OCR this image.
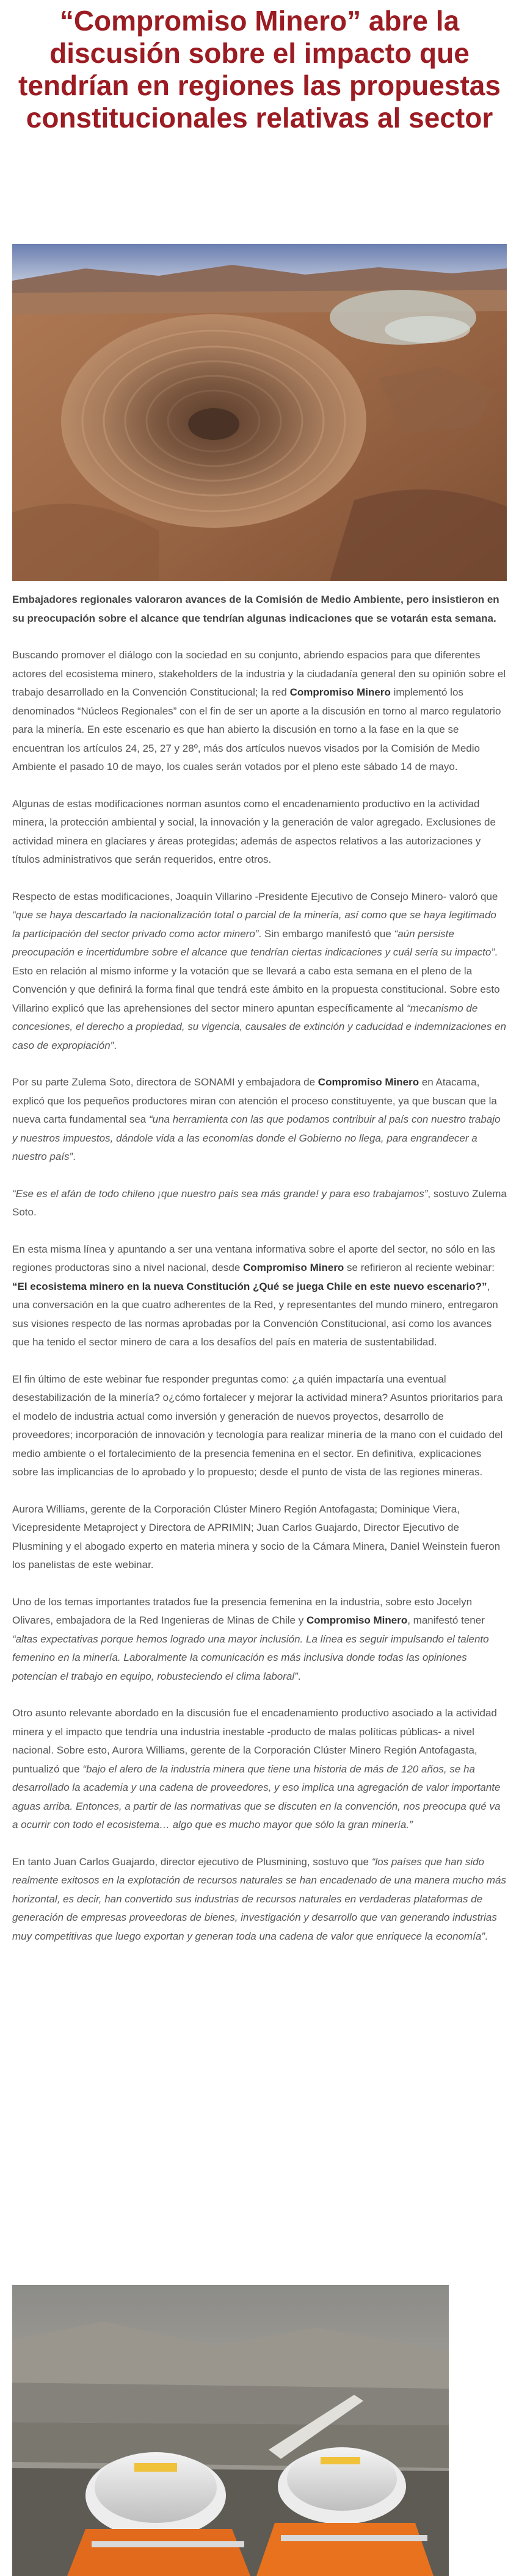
“Compromiso Minero” abre la discusión sobre el impacto que tendrían en regiones las propuestas constitucionales relativas al sector

Embajadores regionales valoraron avances de la Comisión de Medio Ambiente, pero insistieron en su preocupación sobre el alcance que tendrían algunas indicaciones que se votarán esta semana.

Buscando promover el diálogo con la sociedad en su conjunto, abriendo espacios para que diferentes actores del ecosistema minero, stakeholders de la industria y la ciudadanía general den su opinión sobre el trabajo desarrollado en la Convención Constitucional; la red Compromiso Minero implementó los denominados “Núcleos Regionales” con el fin de ser un aporte a la discusión en torno al marco regulatorio para la minería. En este escenario es que han abierto la discusión en torno a la fase en la que se encuentran los artículos 24, 25, 27 y 28º, más dos artículos nuevos visados por la Comisión de Medio Ambiente el pasado 10 de mayo, los cuales serán votados por el pleno este sábado 14 de mayo.

Algunas de estas modificaciones norman asuntos como el encadenamiento productivo en la actividad minera, la protección ambiental y social, la innovación y la generación de valor agregado. Exclusiones de actividad minera en glaciares y áreas protegidas; además de aspectos relativos a las autorizaciones y títulos administrativos que serán requeridos, entre otros.

Respecto de estas modificaciones, Joaquín Villarino -Presidente Ejecutivo de Consejo Minero- valoró que “que se haya descartado la nacionalización total o parcial de la minería, así como que se haya legitimado la participación del sector privado como actor minero”. Sin embargo manifestó que “aún persiste preocupación e incertidumbre sobre el alcance que tendrían ciertas indicaciones y cuál sería su impacto”. Esto en relación al mismo informe y la votación que se llevará a cabo esta semana en el pleno de la Convención y que definirá la forma final que tendrá este ámbito en la propuesta constitucional. Sobre esto Villarino explicó que las aprehensiones del sector minero apuntan específicamente al “mecanismo de concesiones, el derecho a propiedad, su vigencia, causales de extinción y caducidad e indemnizaciones en caso de expropiación”.

Por su parte Zulema Soto, directora de SONAMI y embajadora de Compromiso Minero en Atacama, explicó que los pequeños productores miran con atención el proceso constituyente, ya que buscan que la nueva carta fundamental sea “una herramienta con las que podamos contribuir al país con nuestro trabajo y nuestros impuestos, dándole vida a las economías donde el Gobierno no llega, para engrandecer a nuestro país”.

“Ese es el afán de todo chileno ¡que nuestro país sea más grande! y para eso trabajamos”, sostuvo Zulema Soto.

En esta misma línea y apuntando a ser una ventana informativa sobre el aporte del sector, no sólo en las regiones productoras sino a nivel nacional, desde Compromiso Minero se refirieron al reciente webinar: “El ecosistema minero en la nueva Constitución ¿Qué se juega Chile en este nuevo escenario?”, una conversación en la que cuatro adherentes de la Red, y representantes del mundo minero, entregaron sus visiones respecto de las normas aprobadas por la Convención Constitucional, así como los avances que ha tenido el sector minero de cara a los desafíos del país en materia de sustentabilidad.

El fin último de este webinar fue responder preguntas como: ¿a quién impactaría una eventual desestabilización de la minería? o¿cómo fortalecer y mejorar la actividad minera? Asuntos prioritarios para el modelo de industria actual como inversión y generación de nuevos proyectos, desarrollo de proveedores; incorporación de innovación y tecnología para realizar minería de la mano con el cuidado del medio ambiente o el fortalecimiento de la presencia femenina en el sector. En definitiva, explicaciones sobre las implicancias de lo aprobado y lo propuesto; desde el punto de vista de las regiones mineras.

Aurora Williams, gerente de la Corporación Clúster Minero Región Antofagasta; Dominique Viera, Vicepresidente Metaproject y Directora de APRIMIN; Juan Carlos Guajardo, Director Ejecutivo de Plusmining y el abogado experto en materia minera y socio de la Cámara Minera, Daniel Weinstein fueron los panelistas de este webinar.

Uno de los temas importantes tratados fue la presencia femenina en la industria, sobre esto Jocelyn Olivares, embajadora de la Red Ingenieras de Minas de Chile y Compromiso Minero, manifestó tener “altas expectativas porque hemos logrado una mayor inclusión. La línea es seguir impulsando el talento femenino en la minería. Laboralmente la comunicación es más inclusiva donde todas las opiniones potencian el trabajo en equipo, robusteciendo el clima laboral”.

Otro asunto relevante abordado en la discusión fue el encadenamiento productivo asociado a la actividad minera y el impacto que tendría una industria inestable -producto de malas políticas públicas- a nivel nacional. Sobre esto, Aurora Williams, gerente de la Corporación Clúster Minero Región Antofagasta, puntualizó que “bajo el alero de la industria minera que tiene una historia de más de 120 años, se ha desarrollado la academia y una cadena de proveedores, y eso implica una agregación de valor importante aguas arriba. Entonces, a partir de las normativas que se discuten en la convención, nos preocupa qué va a ocurrir con todo el ecosistema… algo que es mucho mayor que sólo la gran minería.”

En tanto Juan Carlos Guajardo, director ejecutivo de Plusmining, sostuvo que “los países que han sido realmente exitosos en la explotación de recursos naturales se han encadenado de una manera mucho más horizontal, es decir, han convertido sus industrias de recursos naturales en verdaderas plataformas de generación de empresas proveedoras de bienes, investigación y desarrollo que van generando industrias muy competitivas que luego exportan y generan toda una cadena de valor que enriquece la economía”.
